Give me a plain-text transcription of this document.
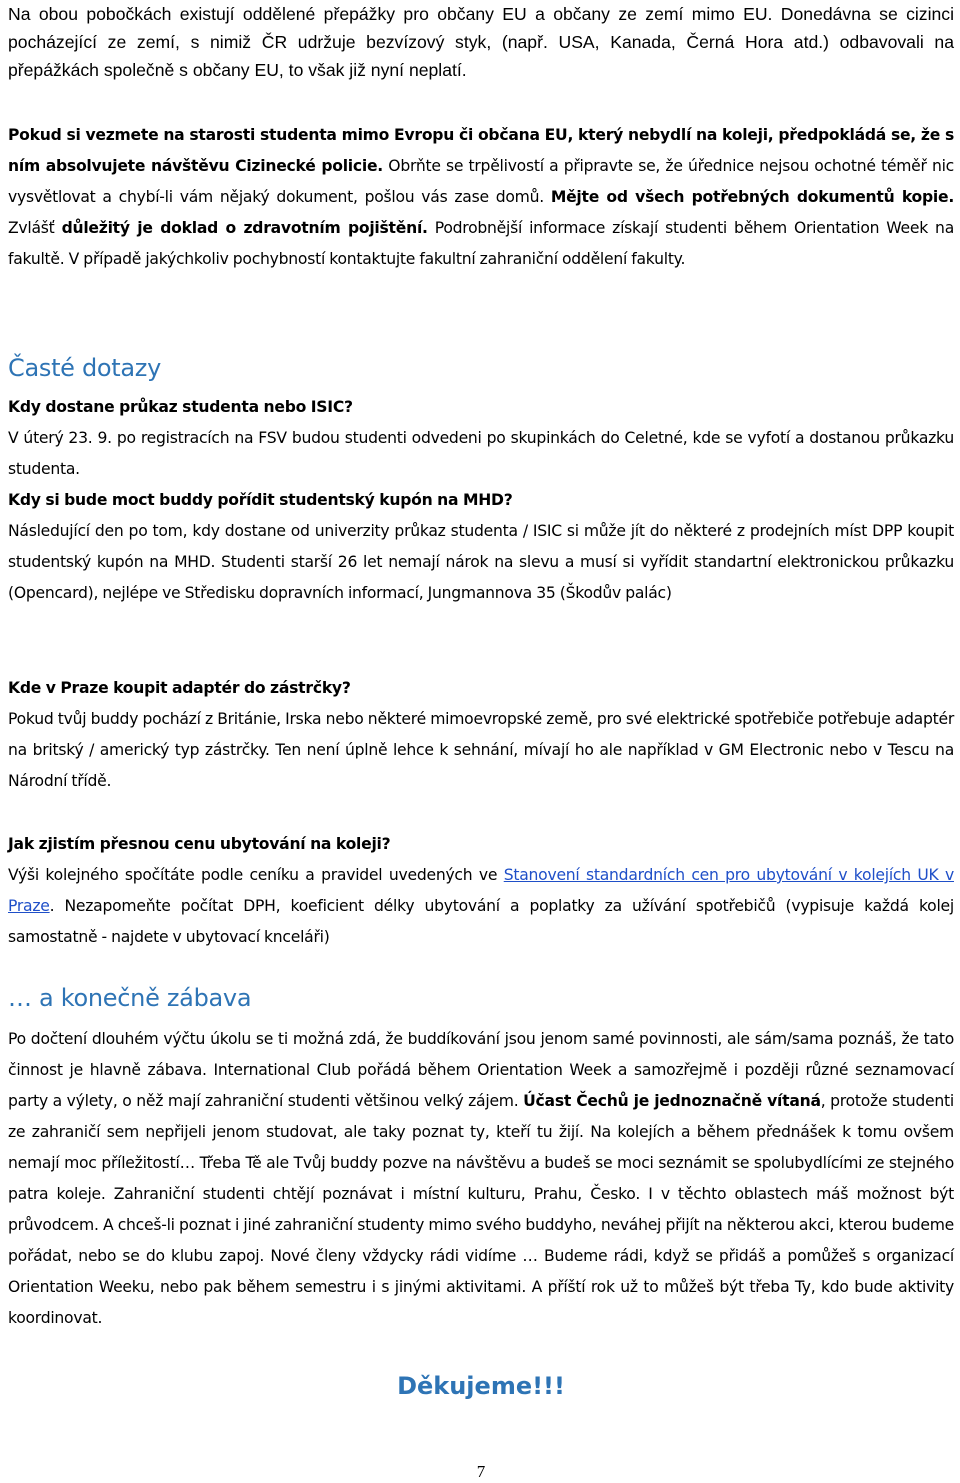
Na obou pobočkách existují oddělené přepážky pro občany EU a občany ze zemí mimo EU. Donedávna se cizinci pocházející ze zemí, s nimiž ČR udržuje bezvízový styk, (např. USA, Kanada, Černá Hora atd.) odbavovali na přepážkách společně s občany EU, to však již nyní neplatí.

Pokud si vezmete na starosti studenta mimo Evropu či občana EU, který nebydlí na koleji, předpokládá se, že s ním absolvujete návštěvu Cizinecké policie. Obrňte se trpělivostí a připravte se, že úřednice nejsou ochotné téměř nic vysvětlovat a chybí-li vám nějaký dokument, pošlou vás zase domů. Mějte od všech potřebných dokumentů kopie. Zvlášť důležitý je doklad o zdravotním pojištění. Podrobnější informace získají studenti během Orientation Week na fakultě. V případě jakýchkoliv pochybností kontaktujte fakultní zahraniční oddělení fakulty.

Časté dotazy

Kdy dostane průkaz studenta nebo ISIC?

V úterý 23. 9. po registracích na FSV budou studenti odvedeni po skupinkách do Celetné, kde se vyfotí a dostanou průkazku studenta.

Kdy si bude moct buddy pořídit studentský kupón na MHD?

Následující den po tom, kdy dostane od univerzity průkaz studenta / ISIC si může jít do některé z prodejních míst DPP koupit studentský kupón na MHD. Studenti starší 26 let nemají nárok na slevu a musí si vyřídit standartní elektronickou průkazku (Opencard), nejlépe ve Středisku dopravních informací, Jungmannova 35 (Škodův palác)

Kde v Praze koupit adaptér do zástrčky?

Pokud tvůj buddy pochází z Británie, Irska nebo některé mimoevropské země, pro své elektrické spotřebiče potřebuje adaptér na britský / americký typ zástrčky. Ten není úplně lehce k sehnání, mívají ho ale například v GM Electronic nebo v Tescu na Národní třídě.

Jak zjistím přesnou cenu ubytování na koleji?

Výši kolejného spočítáte podle ceníku a pravidel uvedených ve Stanovení standardních cen pro ubytování v kolejích UK v Praze. Nezapomeňte počítat DPH, koeficient délky ubytování a poplatky za užívání spotřebičů (vypisuje každá kolej samostatně - najdete v ubytovací knceláři)

… a konečně zábava

Po dočtení dlouhém výčtu úkolu se ti možná zdá, že buddíkování jsou jenom samé povinnosti, ale sám/sama poznáš, že tato činnost je hlavně zábava. International Club pořádá během Orientation Week a samozřejmě i později různé seznamovací party a výlety, o něž mají zahraniční studenti většinou velký zájem. Účast Čechů je jednoznačně vítaná, protože studenti ze zahraničí sem nepřijeli jenom studovat, ale taky poznat ty, kteří tu žijí. Na kolejích a během přednášek k tomu ovšem nemají moc příležitostí… Třeba Tě ale Tvůj buddy pozve na návštěvu a budeš se moci seznámit se spolubydlícími ze stejného patra koleje. Zahraniční studenti chtějí poznávat i místní kulturu, Prahu, Česko. I v těchto oblastech máš možnost být průvodcem. A chceš-li poznat i jiné zahraniční studenty mimo svého buddyho, neváhej přijít na některou akci, kterou budeme pořádat, nebo se do klubu zapoj. Nové členy vždycky rádi vidíme … Budeme rádi, když se přidáš a pomůžeš s organizací Orientation Weeku, nebo pak během semestru i s jinými aktivitami. A příští rok už to můžeš být třeba Ty, kdo bude aktivity koordinovat.

Děkujeme!!!
7
